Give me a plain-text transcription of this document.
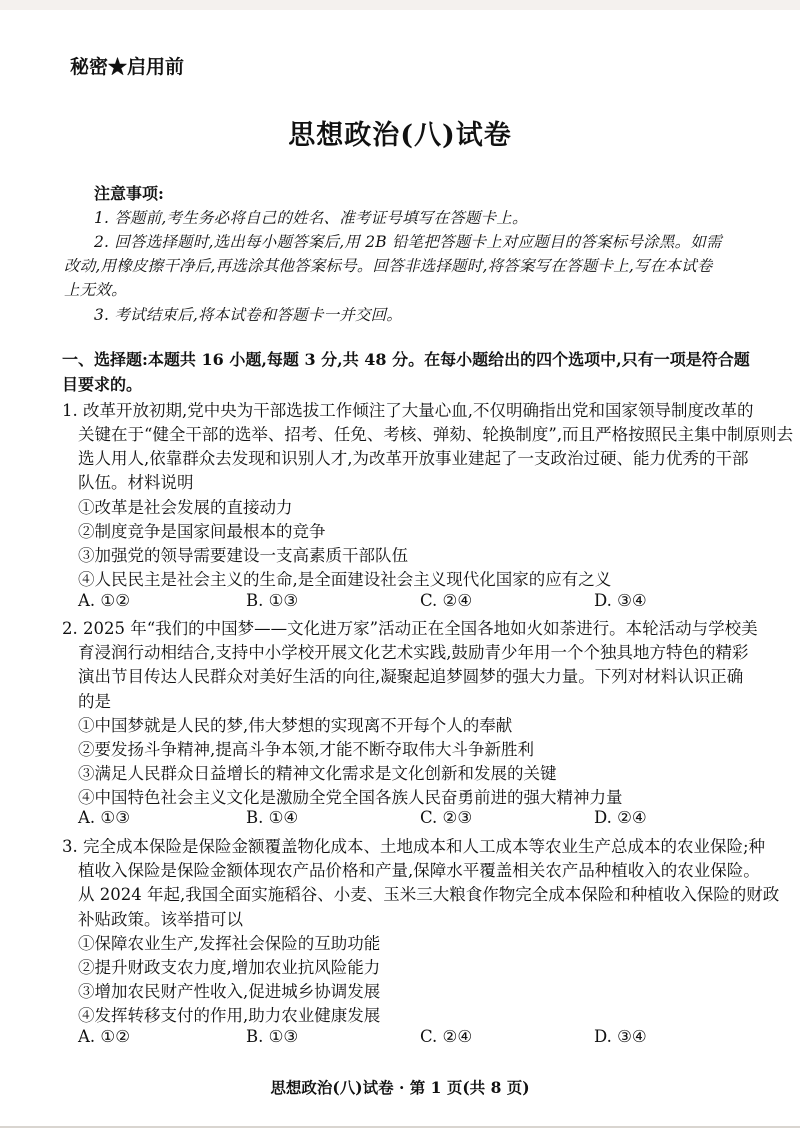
秘密★启用前
思想政治(八)试卷
注意事项:
1. 答题前,考生务必将自己的姓名、准考证号填写在答题卡上。
2. 回答选择题时,选出每小题答案后,用 2B 铅笔把答题卡上对应题目的答案标号涂黑。如需
改动,用橡皮擦干净后,再选涂其他答案标号。回答非选择题时,将答案写在答题卡上,写在本试卷
上无效。
3. 考试结束后,将本试卷和答题卡一并交回。
一、选择题:本题共 16 小题,每题 3 分,共 48 分。在每小题给出的四个选项中,只有一项是符合题
目要求的。
1. 改革开放初期,党中央为干部选拔工作倾注了大量心血,不仅明确指出党和国家领导制度改革的
关键在于“健全干部的选举、招考、任免、考核、弹劾、轮换制度”,而且严格按照民主集中制原则去
选人用人,依靠群众去发现和识别人才,为改革开放事业建起了一支政治过硬、能力优秀的干部
队伍。材料说明
①改革是社会发展的直接动力
②制度竞争是国家间最根本的竞争
③加强党的领导需要建设一支高素质干部队伍
④人民民主是社会主义的生命,是全面建设社会主义现代化国家的应有之义
A. ①②	B. ①③	C. ②④	D. ③④
2. 2025 年“我们的中国梦——文化进万家”活动正在全国各地如火如荼进行。本轮活动与学校美
育浸润行动相结合,支持中小学校开展文化艺术实践,鼓励青少年用一个个独具地方特色的精彩
演出节目传达人民群众对美好生活的向往,凝聚起追梦圆梦的强大力量。下列对材料认识正确
的是
①中国梦就是人民的梦,伟大梦想的实现离不开每个人的奉献
②要发扬斗争精神,提高斗争本领,才能不断夺取伟大斗争新胜利
③满足人民群众日益增长的精神文化需求是文化创新和发展的关键
④中国特色社会主义文化是激励全党全国各族人民奋勇前进的强大精神力量
A. ①③	B. ①④	C. ②③	D. ②④
3. 完全成本保险是保险金额覆盖物化成本、土地成本和人工成本等农业生产总成本的农业保险;种
植收入保险是保险金额体现农产品价格和产量,保障水平覆盖相关农产品种植收入的农业保险。
从 2024 年起,我国全面实施稻谷、小麦、玉米三大粮食作物完全成本保险和种植收入保险的财政
补贴政策。该举措可以
①保障农业生产,发挥社会保险的互助功能
②提升财政支农力度,增加农业抗风险能力
③增加农民财产性收入,促进城乡协调发展
④发挥转移支付的作用,助力农业健康发展
A. ①②	B. ①③	C. ②④	D. ③④
思想政治(八)试卷 · 第 1 页(共 8 页)
